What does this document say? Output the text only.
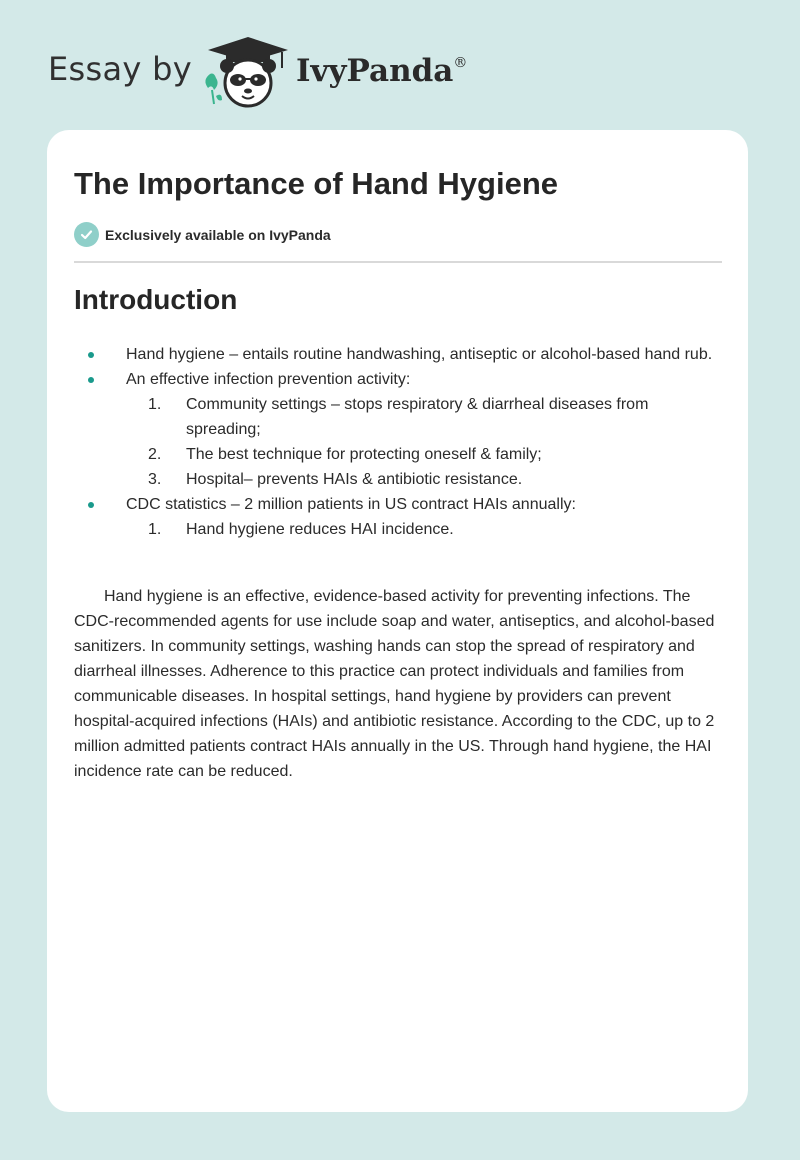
Essay by	IvyPanda®
The Importance of Hand Hygiene
Exclusively available on IvyPanda
Introduction
Hand hygiene – entails routine handwashing, antiseptic or alcohol-based hand rub.
An effective infection prevention activity:
1. Community settings – stops respiratory & diarrheal diseases from spreading;
2. The best technique for protecting oneself & family;
3. Hospital– prevents HAIs & antibiotic resistance.
CDC statistics – 2 million patients in US contract HAIs annually:
1. Hand hygiene reduces HAI incidence.

Hand hygiene is an effective, evidence-based activity for preventing infections. The CDC-recommended agents for use include soap and water, antiseptics, and alcohol-based sanitizers. In community settings, washing hands can stop the spread of respiratory and diarrheal illnesses. Adherence to this practice can protect individuals and families from communicable diseases. In hospital settings, hand hygiene by providers can prevent hospital-acquired infections (HAIs) and antibiotic resistance. According to the CDC, up to 2 million admitted patients contract HAIs annually in the US. Through hand hygiene, the HAI incidence rate can be reduced.
